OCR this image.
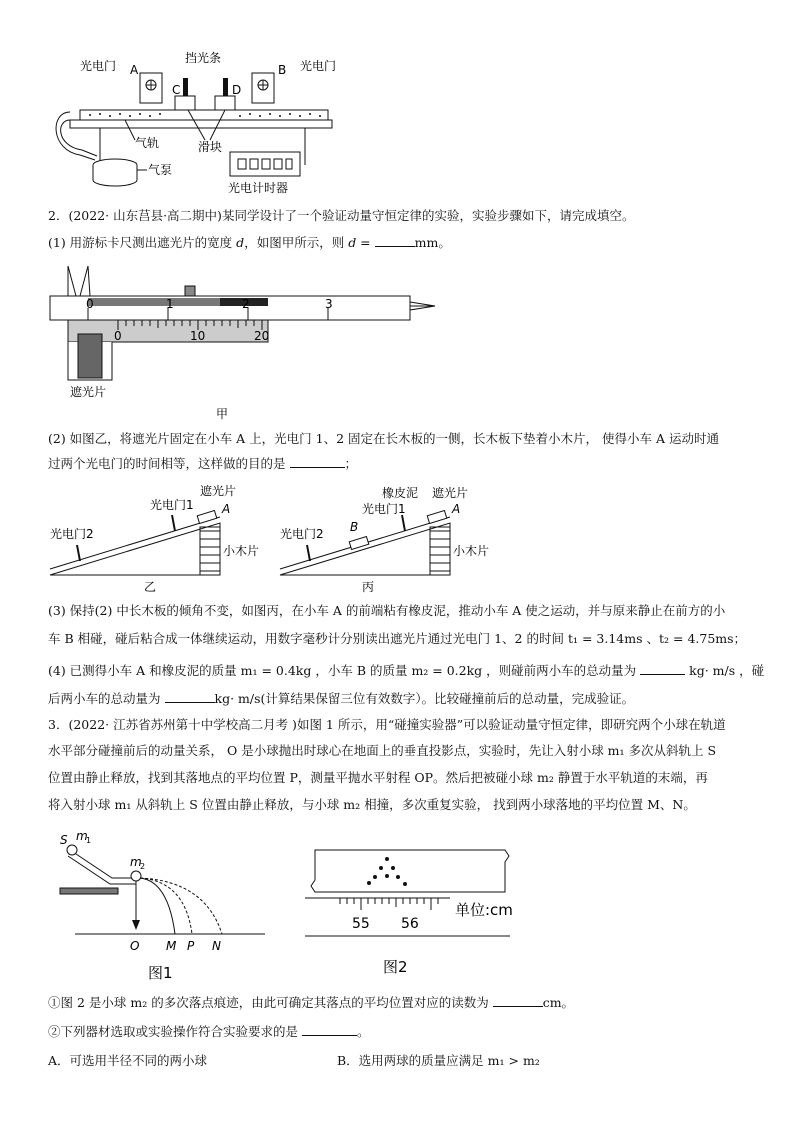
光电门 A
挡光条
B 光电门
C	D
气泵
气轨	滑块
光电计时器
2．(2022· 山东莒县·高二期中)某同学设计了一个验证动量守恒定律的实验，实验步骤如下，请完成填空。
(1) 用游标卡尺测出遮光片的宽度 d，如图甲所示，则 d =	mm。
0	1	2	3
0	10	20
遮光片
甲
(2) 如图乙，将遮光片固定在小车 A 上，光电门 1、2 固定在长木板的一侧，长木板下垫着小木片， 使得小车 A 运动时通
过两个光电门的时间相等，这样做的目的是	；
遮光片
光电门1
光电门2
A
小木片
乙
橡皮泥 遮光片
光电门1
光电门2 B
A
小木片
丙
(3) 保持(2) 中长木板的倾角不变，如图丙，在小车 A 的前端粘有橡皮泥，推动小车 A 使之运动，并与原来静止在前方的小
车 B 相碰，碰后粘合成一体继续运动，用数字毫秒计分别读出遮光片通过光电门 1、2 的时间 t₁ = 3.14ms 、t₂ = 4.75ms；
(4) 已测得小车 A 和橡皮泥的质量 m₁ = 0.4kg ，小车 B 的质量 m₂ = 0.2kg ，则碰前两小车的总动量为	kg· m/s ，碰
后两小车的总动量为	kg· m/s(计算结果保留三位有效数字）。比较碰撞前后的总动量，完成验证。
3．(2022· 江苏省苏州第十中学校高二月考 )如图 1 所示，用“碰撞实验器”可以验证动量守恒定律，即研究两个小球在轨道
水平部分碰撞前后的动量关系， O 是小球抛出时球心在地面上的垂直投影点，实验时，先让入射小球 m₁ 多次从斜轨上 S
位置由静止释放，找到其落地点的平均位置 P，测量平抛水平射程 OP。然后把被碰小球 m₂ 静置于水平轨道的末端，再
将入射小球 m₁ 从斜轨上 S 位置由静止释放，与小球 m₂ 相撞，多次重复实验， 找到两小球落地的平均位置 M、N。
S m
1
m
2
O M P N
图1
55 56
单位:cm
图2
①图 2 是小球 m₂ 的多次落点痕迹，由此可确定其落点的平均位置对应的读数为	cm。
②下列器材选取或实验操作符合实验要求的是	。
A．可选用半径不同的两小球	B．选用两球的质量应满足 m₁ > m₂
